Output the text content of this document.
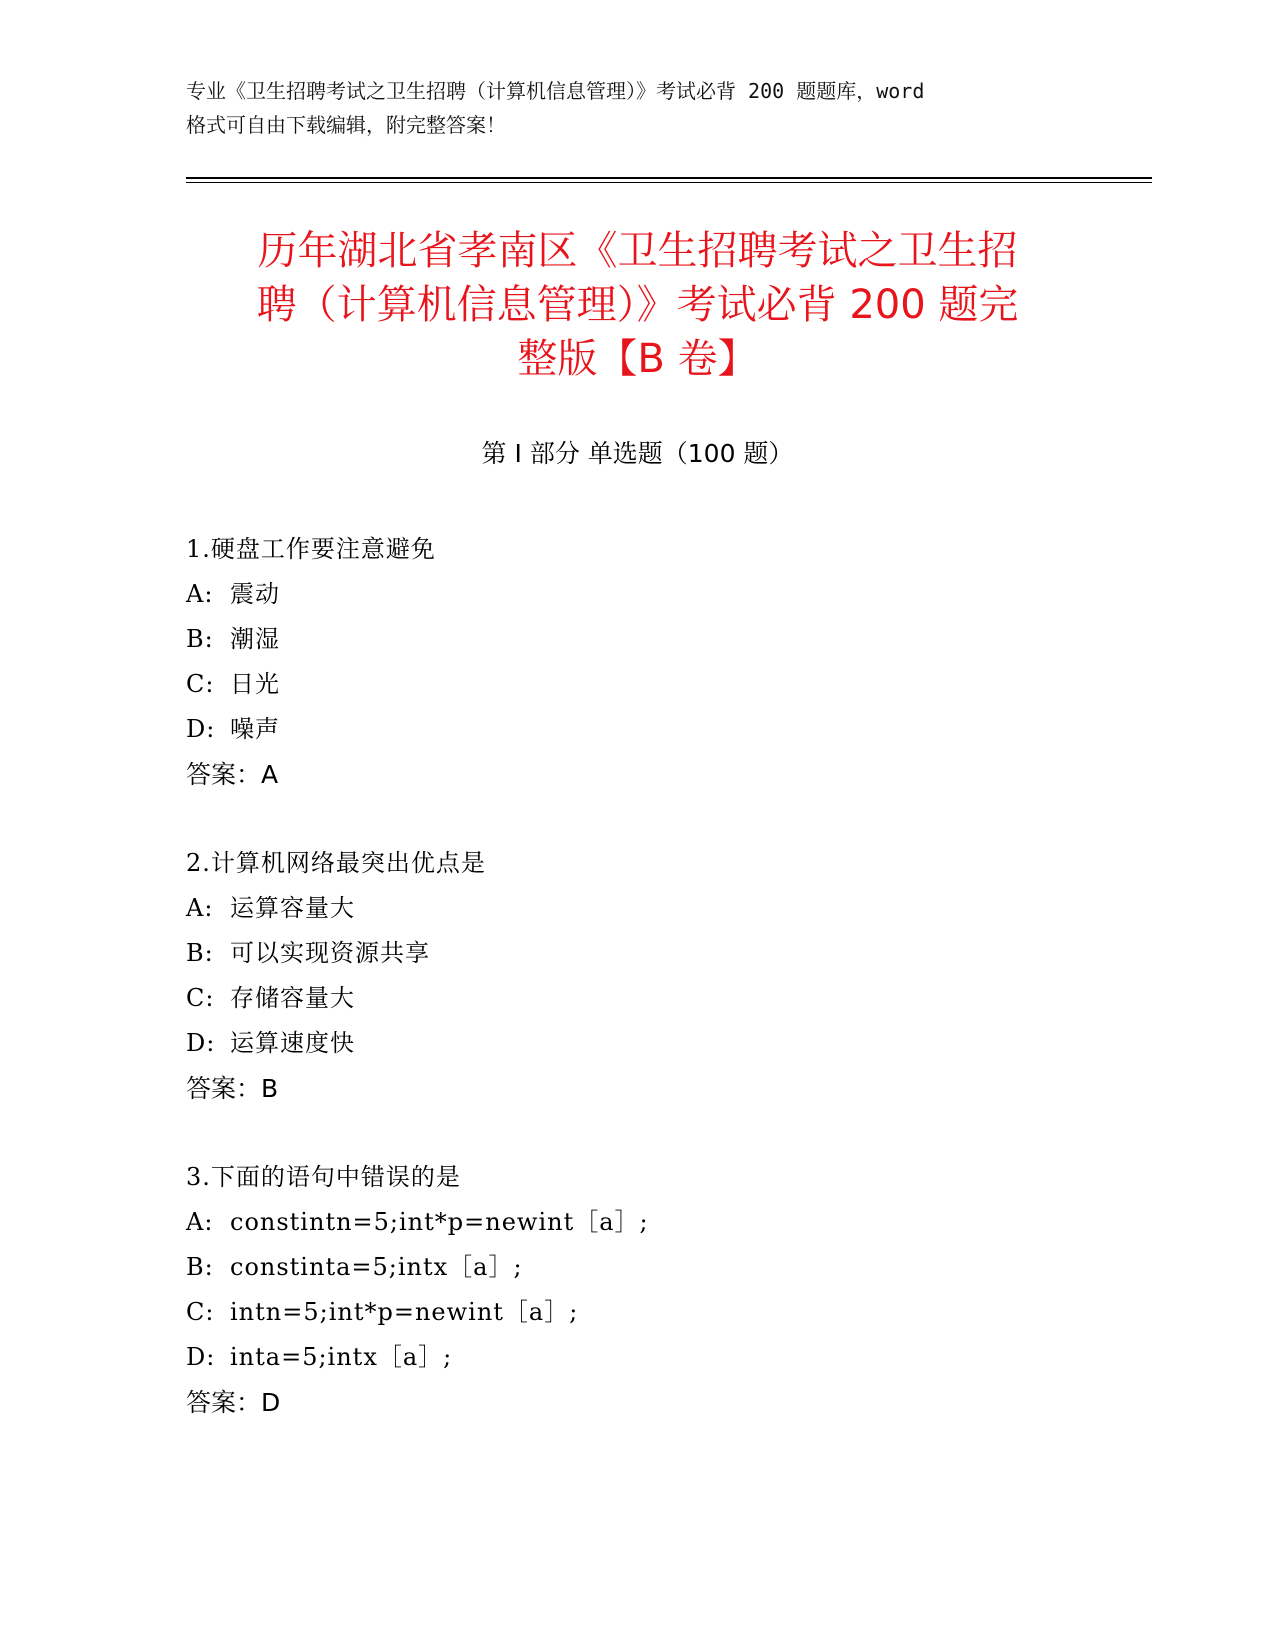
专业《卫生招聘考试之卫生招聘（计算机信息管理）》考试必背 200 题题库，word
格式可自由下载编辑，附完整答案！
历年湖北省孝南区《卫生招聘考试之卫生招
聘（计算机信息管理）》考试必背 200 题完
整版【B 卷】
第 I 部分 单选题（100 题）
1.硬盘工作要注意避免
A: 震动
B: 潮湿
C: 日光
D: 噪声
答案：A
2.计算机网络最突出优点是
A: 运算容量大
B: 可以实现资源共享
C: 存储容量大
D: 运算速度快
答案：B
3.下面的语句中错误的是
A: constintn=5;int*p=newint［a］;
B: constinta=5;intx［a］;
C: intn=5;int*p=newint［a］;
D: inta=5;intx［a］;
答案：D
